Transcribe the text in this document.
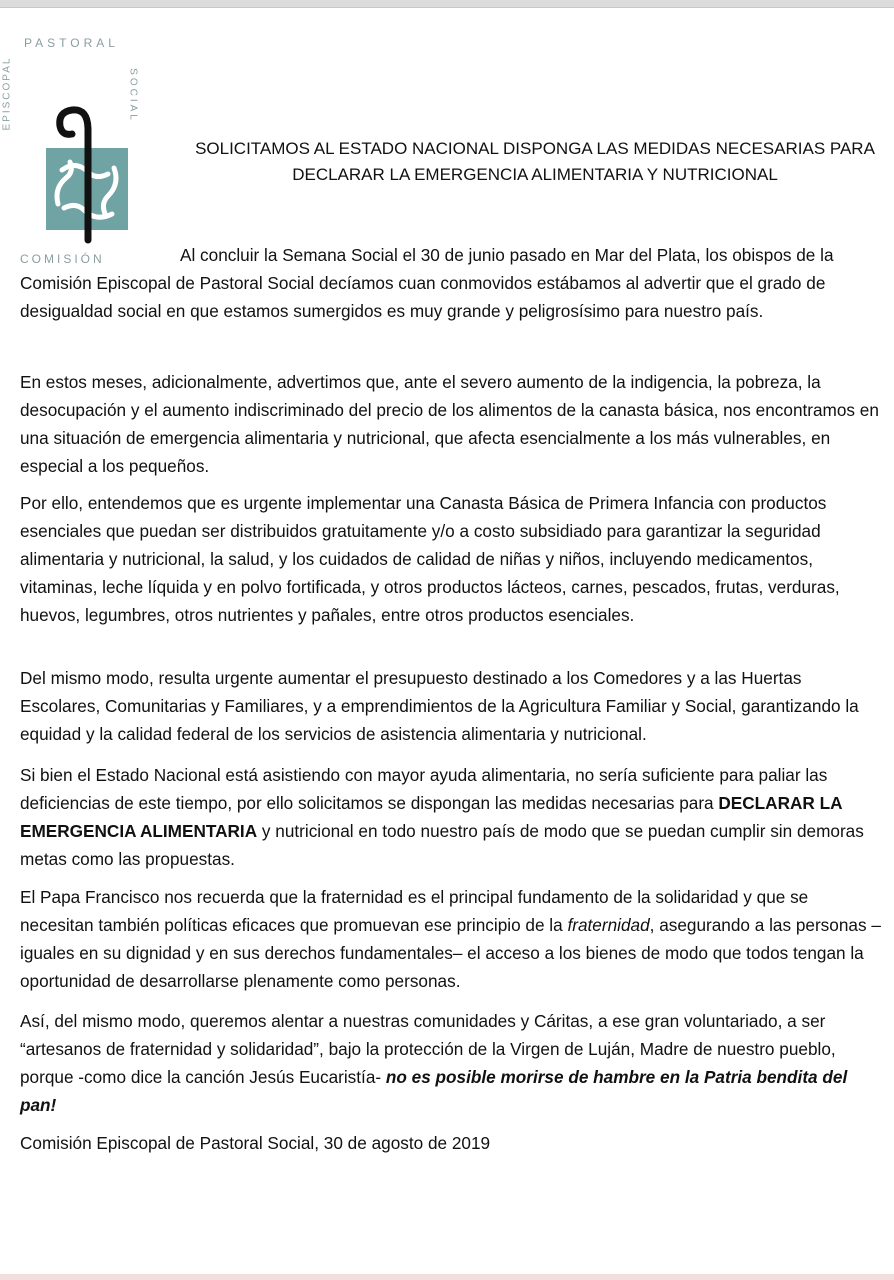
PASTORAL
EPISCOPAL	SOCIAL
COMISIÓN
SOLICITAMOS AL ESTADO NACIONAL DISPONGA LAS MEDIDAS NECESARIAS PARA
DECLARAR LA EMERGENCIA ALIMENTARIA Y NUTRICIONAL
Al concluir la Semana Social el 30 de junio pasado en Mar del Plata, los obispos de la Comisión Episcopal de Pastoral Social decíamos cuan conmovidos estábamos al advertir que el grado de desigualdad social en que estamos sumergidos es muy grande y peligrosísimo para nuestro país.
En estos meses, adicionalmente, advertimos que, ante el severo aumento de la indigencia, la pobreza, la desocupación y el aumento indiscriminado del precio de los alimentos de la canasta básica, nos encontramos en una situación de emergencia alimentaria y nutricional, que afecta esencialmente a los más vulnerables, en especial a los pequeños.
Por ello, entendemos que es urgente implementar una Canasta Básica de Primera Infancia con productos esenciales que puedan ser distribuidos gratuitamente y/o a costo subsidiado para garantizar la seguridad alimentaria y nutricional, la salud, y los cuidados de calidad de niñas y niños, incluyendo medicamentos, vitaminas, leche líquida y en polvo fortificada, y otros productos lácteos, carnes, pescados, frutas, verduras, huevos, legumbres, otros nutrientes y pañales, entre otros productos esenciales.
Del mismo modo, resulta urgente aumentar el presupuesto destinado a los Comedores y a las Huertas Escolares, Comunitarias y Familiares, y a emprendimientos de la Agricultura Familiar y Social, garantizando la equidad y la calidad federal de los servicios de asistencia alimentaria y nutricional.
Si bien el Estado Nacional está asistiendo con mayor ayuda alimentaria, no sería suficiente para paliar las deficiencias de este tiempo, por ello solicitamos se dispongan las medidas necesarias para DECLARAR LA EMERGENCIA ALIMENTARIA y nutricional en todo nuestro país de modo que se puedan cumplir sin demoras metas como las propuestas.
El Papa Francisco nos recuerda que la fraternidad es el principal fundamento de la solidaridad y que se necesitan también políticas eficaces que promuevan ese principio de la fraternidad, asegurando a las personas –iguales en su dignidad y en sus derechos fundamentales– el acceso a los bienes de modo que todos tengan la oportunidad de desarrollarse plenamente como personas.
Así, del mismo modo, queremos alentar a nuestras comunidades y Cáritas, a ese gran voluntariado, a ser “artesanos de fraternidad y solidaridad”, bajo la protección de la Virgen de Luján, Madre de nuestro pueblo, porque -como dice la canción Jesús Eucaristía- no es posible morirse de hambre en la Patria bendita del pan!
Comisión Episcopal de Pastoral Social, 30 de agosto de 2019
